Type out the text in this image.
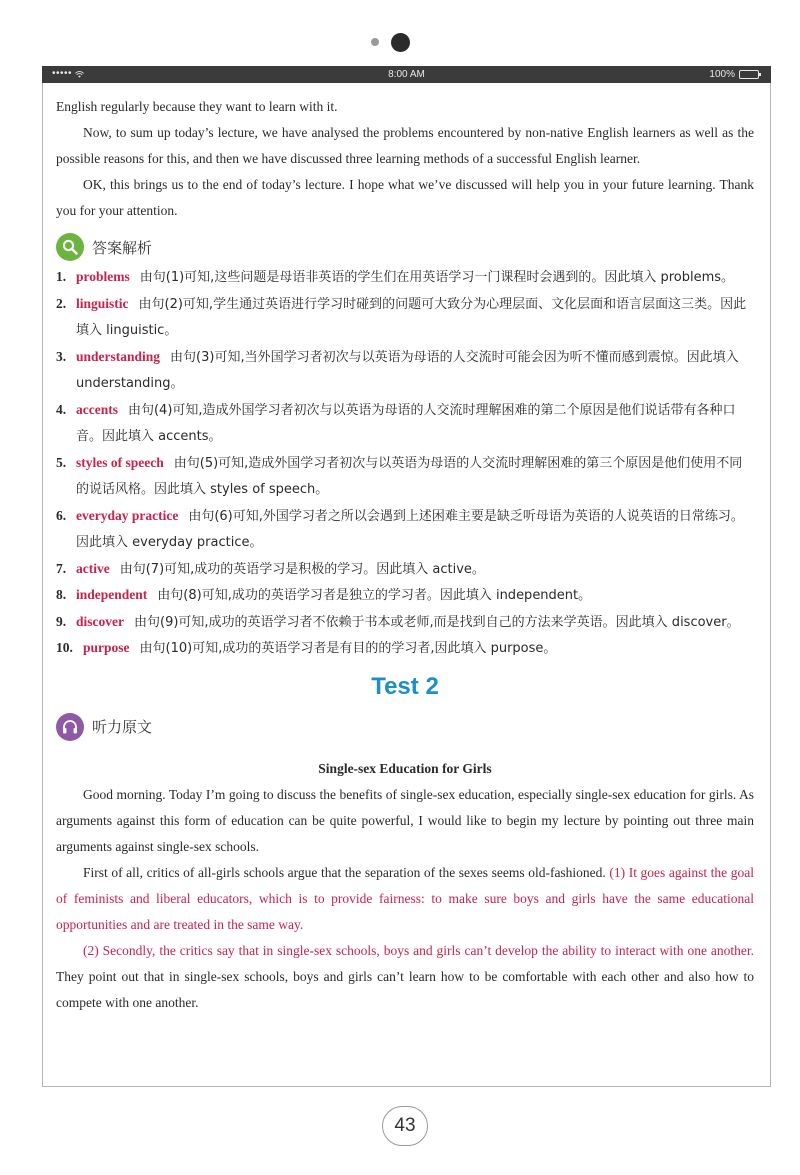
•••••	8:00 AM	100%

English regularly because they want to learn with it.

Now, to sum up today’s lecture, we have analysed the problems encountered by non-native English learners as well as the possible reasons for this, and then we have discussed three learning methods of a successful English learner.

OK, this brings us to the end of today’s lecture. I hope what we’ve discussed will help you in your future learning. Thank you for your attention.

答案解析
1. problems 由句(1)可知,这些问题是母语非英语的学生们在用英语学习一门课程时会遇到的。因此填入 problems。
2. linguistic 由句(2)可知,学生通过英语进行学习时碰到的问题可大致分为心理层面、文化层面和语言层面这三类。因此填入 linguistic。
3. understanding 由句(3)可知,当外国学习者初次与以英语为母语的人交流时可能会因为听不懂而感到震惊。因此填入 understanding。
4. accents 由句(4)可知,造成外国学习者初次与以英语为母语的人交流时理解困难的第二个原因是他们说话带有各种口音。因此填入 accents。
5. styles of speech 由句(5)可知,造成外国学习者初次与以英语为母语的人交流时理解困难的第三个原因是他们使用不同的说话风格。因此填入 styles of speech。
6. everyday practice 由句(6)可知,外国学习者之所以会遇到上述困难主要是缺乏听母语为英语的人说英语的日常练习。因此填入 everyday practice。
7. active 由句(7)可知,成功的英语学习是积极的学习。因此填入 active。
8. independent 由句(8)可知,成功的英语学习者是独立的学习者。因此填入 independent。
9. discover 由句(9)可知,成功的英语学习者不依赖于书本或老师,而是找到自己的方法来学英语。因此填入 discover。
10. purpose 由句(10)可知,成功的英语学习者是有目的的学习者,因此填入 purpose。
Test 2
听力原文
Single-sex Education for Girls

Good morning. Today I’m going to discuss the benefits of single-sex education, especially single-sex education for girls. As arguments against this form of education can be quite powerful, I would like to begin my lecture by pointing out three main arguments against single-sex schools.

First of all, critics of all-girls schools argue that the separation of the sexes seems old-fashioned. (1) It goes against the goal of feminists and liberal educators, which is to provide fairness: to make sure boys and girls have the same educational opportunities and are treated in the same way.

(2) Secondly, the critics say that in single-sex schools, boys and girls can’t develop the ability to interact with one another. They point out that in single-sex schools, boys and girls can’t learn how to be comfortable with each other and also how to compete with one another.

43
